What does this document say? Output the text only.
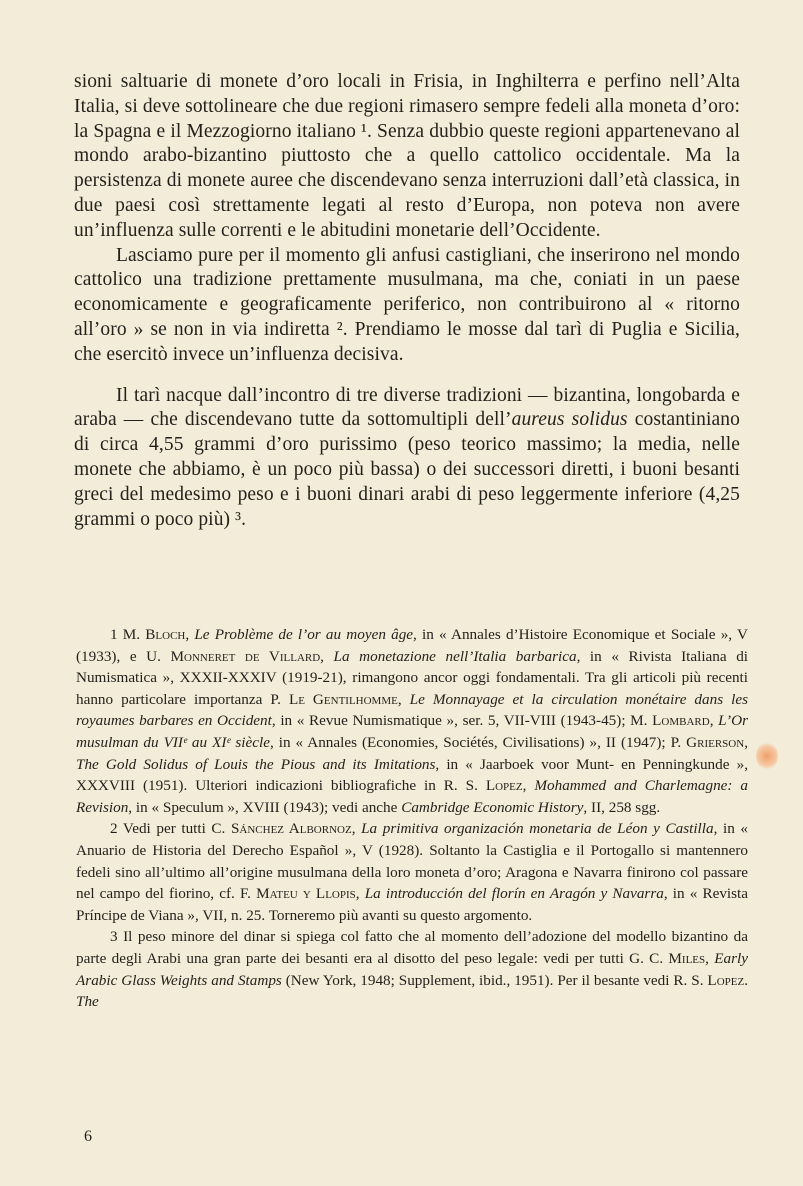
sioni saltuarie di monete d’oro locali in Frisia, in Inghilterra e perfino nell’Alta Italia, si deve sottolineare che due regioni rimasero sempre fedeli alla moneta d’oro: la Spagna e il Mezzogiorno italiano ¹. Senza dubbio queste regioni appartenevano al mondo arabo-bizantino piuttosto che a quello cattolico occidentale. Ma la persistenza di monete auree che discendevano senza interruzioni dall’età classica, in due paesi così strettamente legati al resto d’Europa, non poteva non avere un’influenza sulle correnti e le abitudini monetarie dell’Occidente.

Lasciamo pure per il momento gli anfusi castigliani, che inserirono nel mondo cattolico una tradizione prettamente musulmana, ma che, coniati in un paese economicamente e geograficamente periferico, non contribuirono al « ritorno all’oro » se non in via indiretta ². Prendiamo le mosse dal tarì di Puglia e Sicilia, che esercitò invece un’influenza decisiva.

Il tarì nacque dall’incontro di tre diverse tradizioni — bizantina, longobarda e araba — che discendevano tutte da sottomultipli dell’aureus solidus costantiniano di circa 4,55 grammi d’oro purissimo (peso teorico massimo; la media, nelle monete che abbiamo, è un poco più bassa) o dei successori diretti, i buoni besanti greci del medesimo peso e i buoni dinari arabi di peso leggermente inferiore (4,25 grammi o poco più) ³.

1 M. Bloch, Le Problème de l’or au moyen âge, in « Annales d’Histoire Economique et Sociale », V (1933), e U. Monneret de Villard, La monetazione nell’Italia barbarica, in « Rivista Italiana di Numismatica », XXXII-XXXIV (1919-21), rimangono ancor oggi fondamentali. Tra gli articoli più recenti hanno particolare importanza P. Le Gentilhomme, Le Monnayage et la circulation monétaire dans les royaumes barbares en Occident, in « Revue Numismatique », ser. 5, VII-VIII (1943-45); M. Lombard, L’Or musulman du VIIᵉ au XIᵉ siècle, in « Annales (Economies, Sociétés, Civilisations) », II (1947); P. Grierson, The Gold Solidus of Louis the Pious and its Imitations, in « Jaarboek voor Munt- en Penningkunde », XXXVIII (1951). Ulteriori indicazioni bibliografiche in R. S. Lopez, Mohammed and Charlemagne: a Revision, in « Speculum », XVIII (1943); vedi anche Cambridge Economic History, II, 258 sgg.

2 Vedi per tutti C. Sánchez Albornoz, La primitiva organización monetaria de Léon y Castilla, in « Anuario de Historia del Derecho Español », V (1928). Soltanto la Castiglia e il Portogallo si mantennero fedeli sino all’ultimo all’origine musulmana della loro moneta d’oro; Aragona e Navarra finirono col passare nel campo del fiorino, cf. F. Mateu y Llopis, La introducción del florín en Aragón y Navarra, in « Revista Príncipe de Viana », VII, n. 25. Torneremo più avanti su questo argomento.

3 Il peso minore del dinar si spiega col fatto che al momento dell’adozione del modello bizantino da parte degli Arabi una gran parte dei besanti era al disotto del peso legale: vedi per tutti G. C. Miles, Early Arabic Glass Weights and Stamps (New York, 1948; Supplement, ibid., 1951). Per il besante vedi R. S. Lopez. The

6
